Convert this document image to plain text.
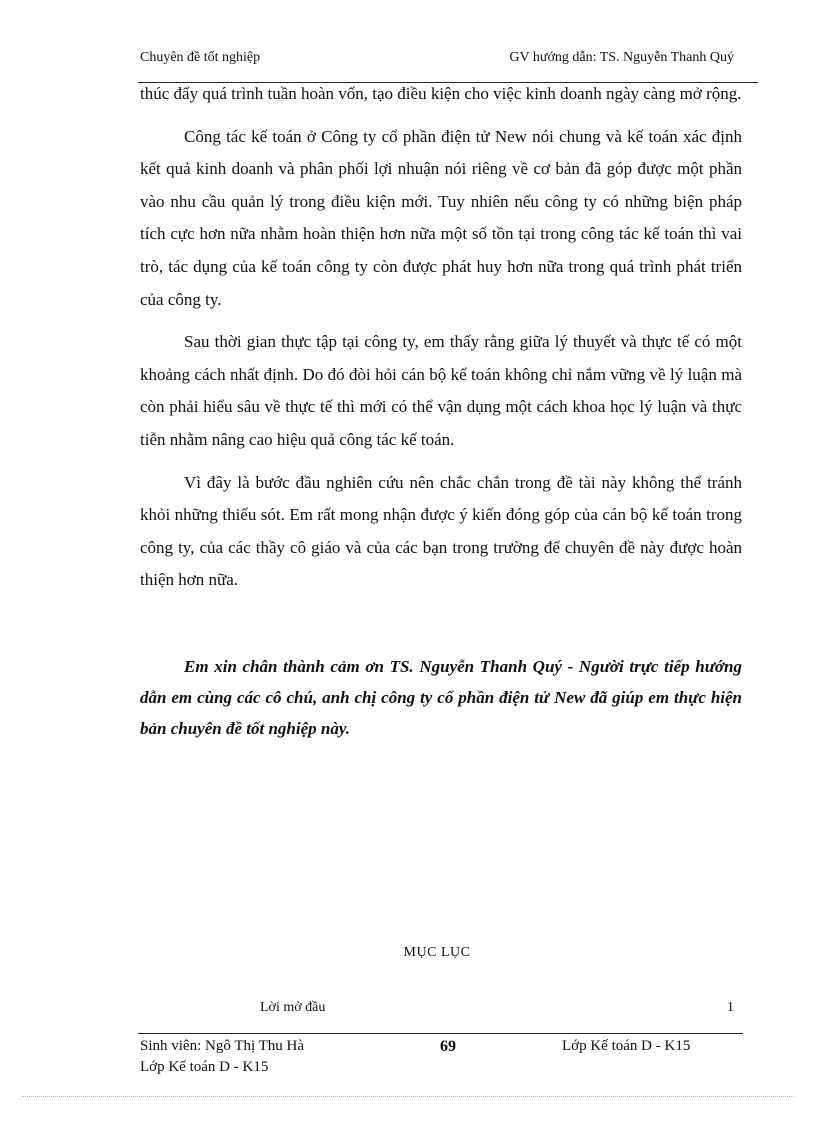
Chuyên đề tốt nghiệp	GV hướng dẫn: TS. Nguyễn Thanh Quý

thúc đẩy quá trình tuần hoàn vốn, tạo điều kiện cho việc kinh doanh ngày càng mở rộng.

Công tác kế toán ở Công ty cổ phần điện tử New nói chung và kế toán xác định kết quả kinh doanh và phân phối lợi nhuận nói riêng về cơ bản đã góp được một phần vào nhu cầu quản lý trong điều kiện mới. Tuy nhiên nếu công ty có những biện pháp tích cực hơn nữa nhằm hoàn thiện hơn nữa một số tồn tại trong công tác kế toán thì vai trò, tác dụng của kế toán công ty còn được phát huy hơn nữa trong quá trình phát triển của công ty.

Sau thời gian thực tập tại công ty, em thấy rằng giữa lý thuyết và thực tế có một khoảng cách nhất định. Do đó đòi hỏi cán bộ kế toán không chỉ nắm vững về lý luận mà còn phải hiểu sâu về thực tế thì mới có thể vận dụng một cách khoa học lý luận và thực tiễn nhằm nâng cao hiệu quả công tác kế toán.

Vì đây là bước đầu nghiên cứu nên chắc chắn trong đề tài này không thể tránh khỏi những thiếu sót. Em rất mong nhận được ý kiến đóng góp của cán bộ kế toán trong công ty, của các thầy cô giáo và của các bạn trong trường để chuyên đề này được hoàn thiện hơn nữa.

Em xin chân thành cảm ơn TS. Nguyễn Thanh Quý - Người trực tiếp hướng dẫn em cùng các cô chú, anh chị công ty cổ phần điện tử New đã giúp em thực hiện bản chuyên đề tốt nghiệp này.

MỤC LỤC
Lời mở đầu	1
Sinh viên: Ngô Thị Thu Hà	69	Lớp Kế toán D - K15
Lớp Kế toán D - K15
